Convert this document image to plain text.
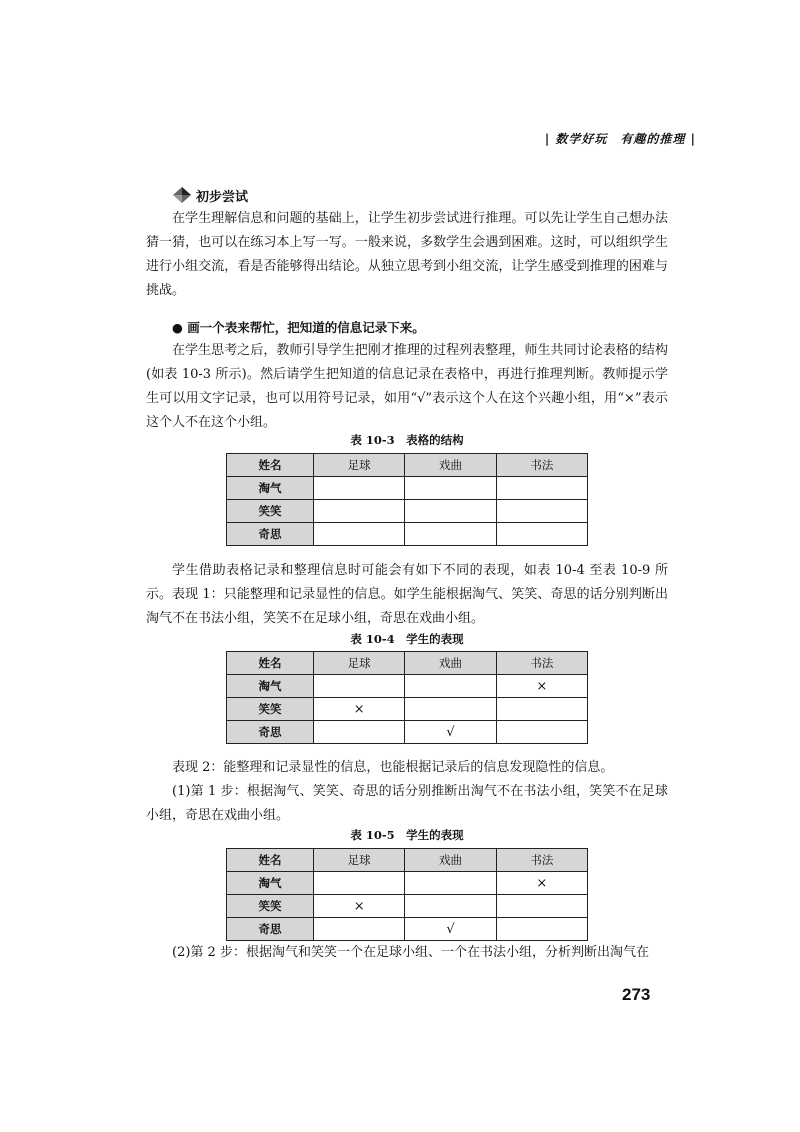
| 数学好玩　有趣的推理 |
初步尝试
在学生理解信息和问题的基础上，让学生初步尝试进行推理。可以先让学生自己想办法猜一猜，也可以在练习本上写一写。一般来说，多数学生会遇到困难。这时，可以组织学生进行小组交流，看是否能够得出结论。从独立思考到小组交流，让学生感受到推理的困难与挑战。
● 画一个表来帮忙，把知道的信息记录下来。
在学生思考之后，教师引导学生把刚才推理的过程列表整理，师生共同讨论表格的结构(如表 10-3 所示)。然后请学生把知道的信息记录在表格中，再进行推理判断。教师提示学生可以用文字记录，也可以用符号记录，如用“√”表示这个人在这个兴趣小组，用“×”表示这个人不在这个小组。
表 10-3　表格的结构
姓名	足球	戏曲	书法
淘气			
笑笑			
奇思			
学生借助表格记录和整理信息时可能会有如下不同的表现，如表 10-4 至表 10-9 所示。 表现 1：只能整理和记录显性的信息。如学生能根据淘气、笑笑、奇思的话分别判断出淘气不在书法小组，笑笑不在足球小组，奇思在戏曲小组。
表 10-4　学生的表现
姓名	足球	戏曲	书法
淘气			×
笑笑	×		
奇思		√	
表现 2：能整理和记录显性的信息，也能根据记录后的信息发现隐性的信息。
(1)第 1 步：根据淘气、笑笑、奇思的话分别推断出淘气不在书法小组，笑笑不在足球小组，奇思在戏曲小组。
表 10-5　学生的表现
姓名	足球	戏曲	书法
淘气			×
笑笑	×		
奇思		√	
(2)第 2 步：根据淘气和笑笑一个在足球小组、一个在书法小组，分析判断出淘气在
273
